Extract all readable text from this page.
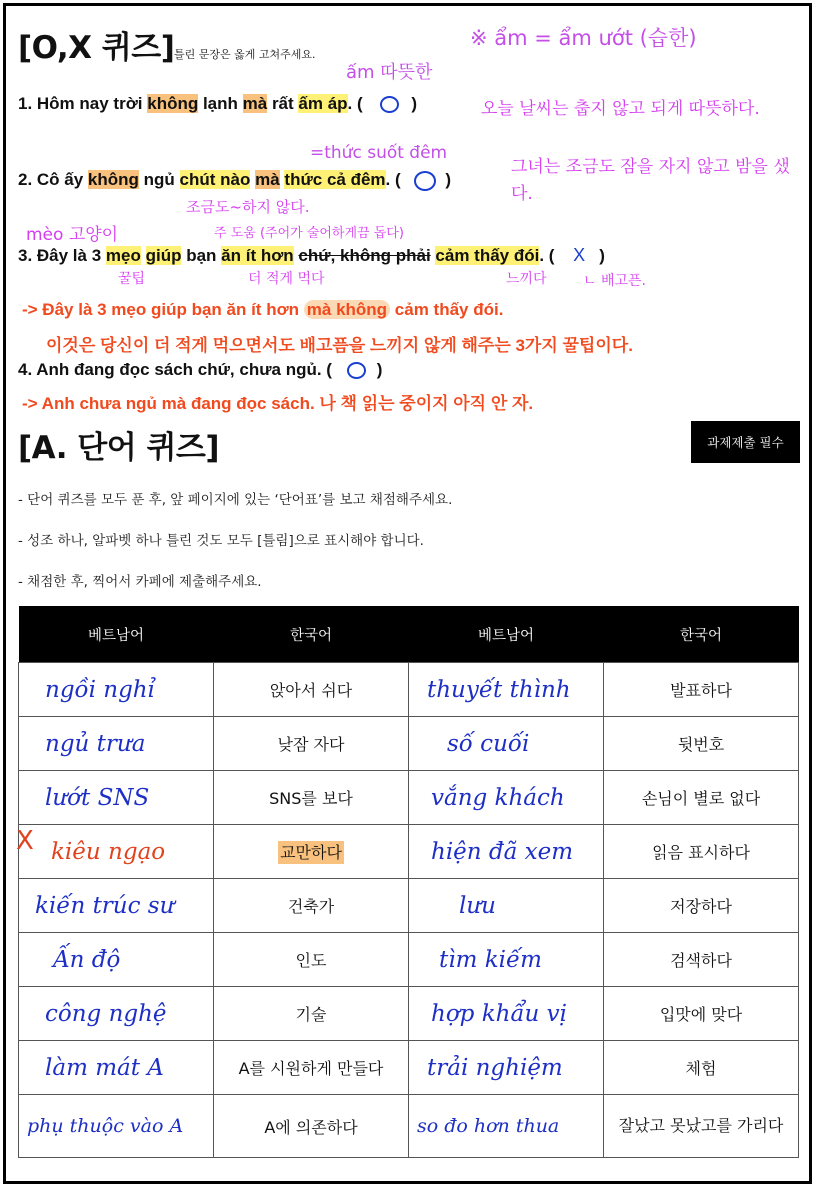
[O,X 퀴즈] 틀린 문장은 옳게 고쳐주세요.
ấm 따뜻한
※ ẩm = ẩm ướt (습한)
1. Hôm nay trời không lạnh mà rất ấm áp. (	)	오늘 날씨는 춥지 않고 되게 따뜻하다.
=thức suốt đêm
2. Cô ấy không ngủ chút nào mà thức cả đêm. (	)
그녀는 조금도 잠을 자지 않고 밤을 샜다.
mèo 고양이
조금도~하지 않다.
주 도움 (주어가 술어하게끔 돕다)
3. Đây là 3 mẹo giúp bạn ăn ít hơn chứ, không phải cảm thấy đói. ( X )
꿀팁	더 적게 먹다	느끼다	ㄴ 배고픈.
-> Đây là 3 mẹo giúp bạn ăn ít hơn mà không cảm thấy đói.
이것은 당신이 더 적게 먹으면서도 배고픔을 느끼지 않게 해주는 3가지 꿀팁이다.
4. Anh đang đọc sách chứ, chưa ngủ. (	)
-> Anh chưa ngủ mà đang đọc sách. 나 책 읽는 중이지 아직 안 자.
[A. 단어 퀴즈]	과제제출 필수
- 단어 퀴즈를 모두 푼 후, 앞 페이지에 있는 ‘단어표’를 보고 채점해주세요.
- 성조 하나, 알파벳 하나 틀린 것도 모두 [틀림]으로 표시해야 합니다.
- 채점한 후, 찍어서 카페에 제출해주세요.
베트남어	한국어	베트남어	한국어
ngồi nghỉ	앉아서 쉬다	thuyết thình	발표하다
ngủ trưa	낮잠 자다	số cuối	뒷번호
lướt SNS	SNS를 보다	vắng khách	손님이 별로 없다
kiêu ngạo	교만하다	hiện đã xem	읽음 표시하다
kiến trúc sư	건축가	lưu	저장하다
Ấn độ	인도	tìm kiếm	검색하다
công nghệ	기술	hợp khẩu vị	입맛에 맞다
làm mát A	A를 시원하게 만들다	trải nghiệm	체험
phụ thuộc vào A	A에 의존하다	so đo hơn thua	잘났고 못났고를 가리다
X
